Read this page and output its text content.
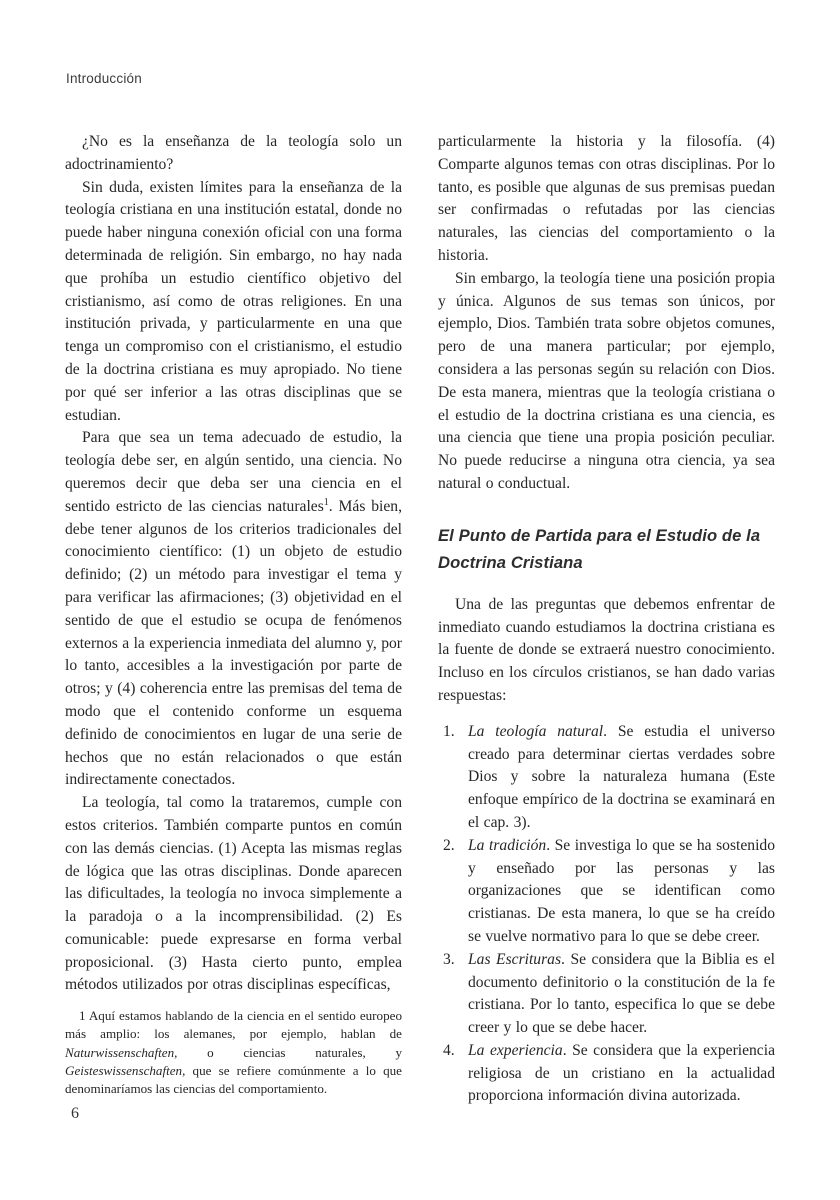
Introducción

¿No es la enseñanza de la teología solo un adoctrinamiento?

Sin duda, existen límites para la enseñanza de la teología cristiana en una institución estatal, donde no puede haber ninguna conexión oficial con una forma determinada de religión. Sin embargo, no hay nada que prohíba un estudio científico objetivo del cristianismo, así como de otras religiones. En una institución privada, y particularmente en una que tenga un compromiso con el cristianismo, el estudio de la doctrina cristiana es muy apropiado. No tiene por qué ser inferior a las otras disciplinas que se estudian.

Para que sea un tema adecuado de estudio, la teología debe ser, en algún sentido, una ciencia. No queremos decir que deba ser una ciencia en el sentido estricto de las ciencias naturales$^1$. Más bien, debe tener algunos de los criterios tradicionales del conocimiento científico: (1) un objeto de estudio definido; (2) un método para investigar el tema y para verificar las afirmaciones; (3) objetividad en el sentido de que el estudio se ocupa de fenómenos externos a la experiencia inmediata del alumno y, por lo tanto, accesibles a la investigación por parte de otros; y (4) coherencia entre las premisas del tema de modo que el contenido conforme un esquema definido de conocimientos en lugar de una serie de hechos que no están relacionados o que están indirectamente conectados.

La teología, tal como la trataremos, cumple con estos criterios. También comparte puntos en común con las demás ciencias. (1) Acepta las mismas reglas de lógica que las otras disciplinas. Donde aparecen las dificultades, la teología no invoca simplemente a la paradoja o a la incomprensibilidad. (2) Es comunicable: puede expresarse en forma verbal proposicional. (3) Hasta cierto punto, emplea métodos utilizados por otras disciplinas específicas,

1 Aquí estamos hablando de la ciencia en el sentido europeo más amplio: los alemanes, por ejemplo, hablan de Naturwissenschaften, o ciencias naturales, y Geisteswissenschaften, que se refiere comúnmente a lo que denominaríamos las ciencias del comportamiento.

particularmente la historia y la filosofía. (4) Comparte algunos temas con otras disciplinas. Por lo tanto, es posible que algunas de sus premisas puedan ser confirmadas o refutadas por las ciencias naturales, las ciencias del comportamiento o la historia.

Sin embargo, la teología tiene una posición propia y única. Algunos de sus temas son únicos, por ejemplo, Dios. También trata sobre objetos comunes, pero de una manera particular; por ejemplo, considera a las personas según su relación con Dios. De esta manera, mientras que la teología cristiana o el estudio de la doctrina cristiana es una ciencia, es una ciencia que tiene una propia posición peculiar. No puede reducirse a ninguna otra ciencia, ya sea natural o conductual.

El Punto de Partida para el Estudio de la Doctrina Cristiana

Una de las preguntas que debemos enfrentar de inmediato cuando estudiamos la doctrina cristiana es la fuente de donde se extraerá nuestro conocimiento. Incluso en los círculos cristianos, se han dado varias respuestas:

1. La teología natural. Se estudia el universo creado para determinar ciertas verdades sobre Dios y sobre la naturaleza humana (Este enfoque empírico de la doctrina se examinará en el cap. 3).
2. La tradición. Se investiga lo que se ha sostenido y enseñado por las personas y las organizaciones que se identifican como cristianas. De esta manera, lo que se ha creído se vuelve normativo para lo que se debe creer.
3. Las Escrituras. Se considera que la Biblia es el documento definitorio o la constitución de la fe cristiana. Por lo tanto, especifica lo que se debe creer y lo que se debe hacer.
4. La experiencia. Se considera que la experiencia religiosa de un cristiano en la actualidad proporciona información divina autorizada.
6
